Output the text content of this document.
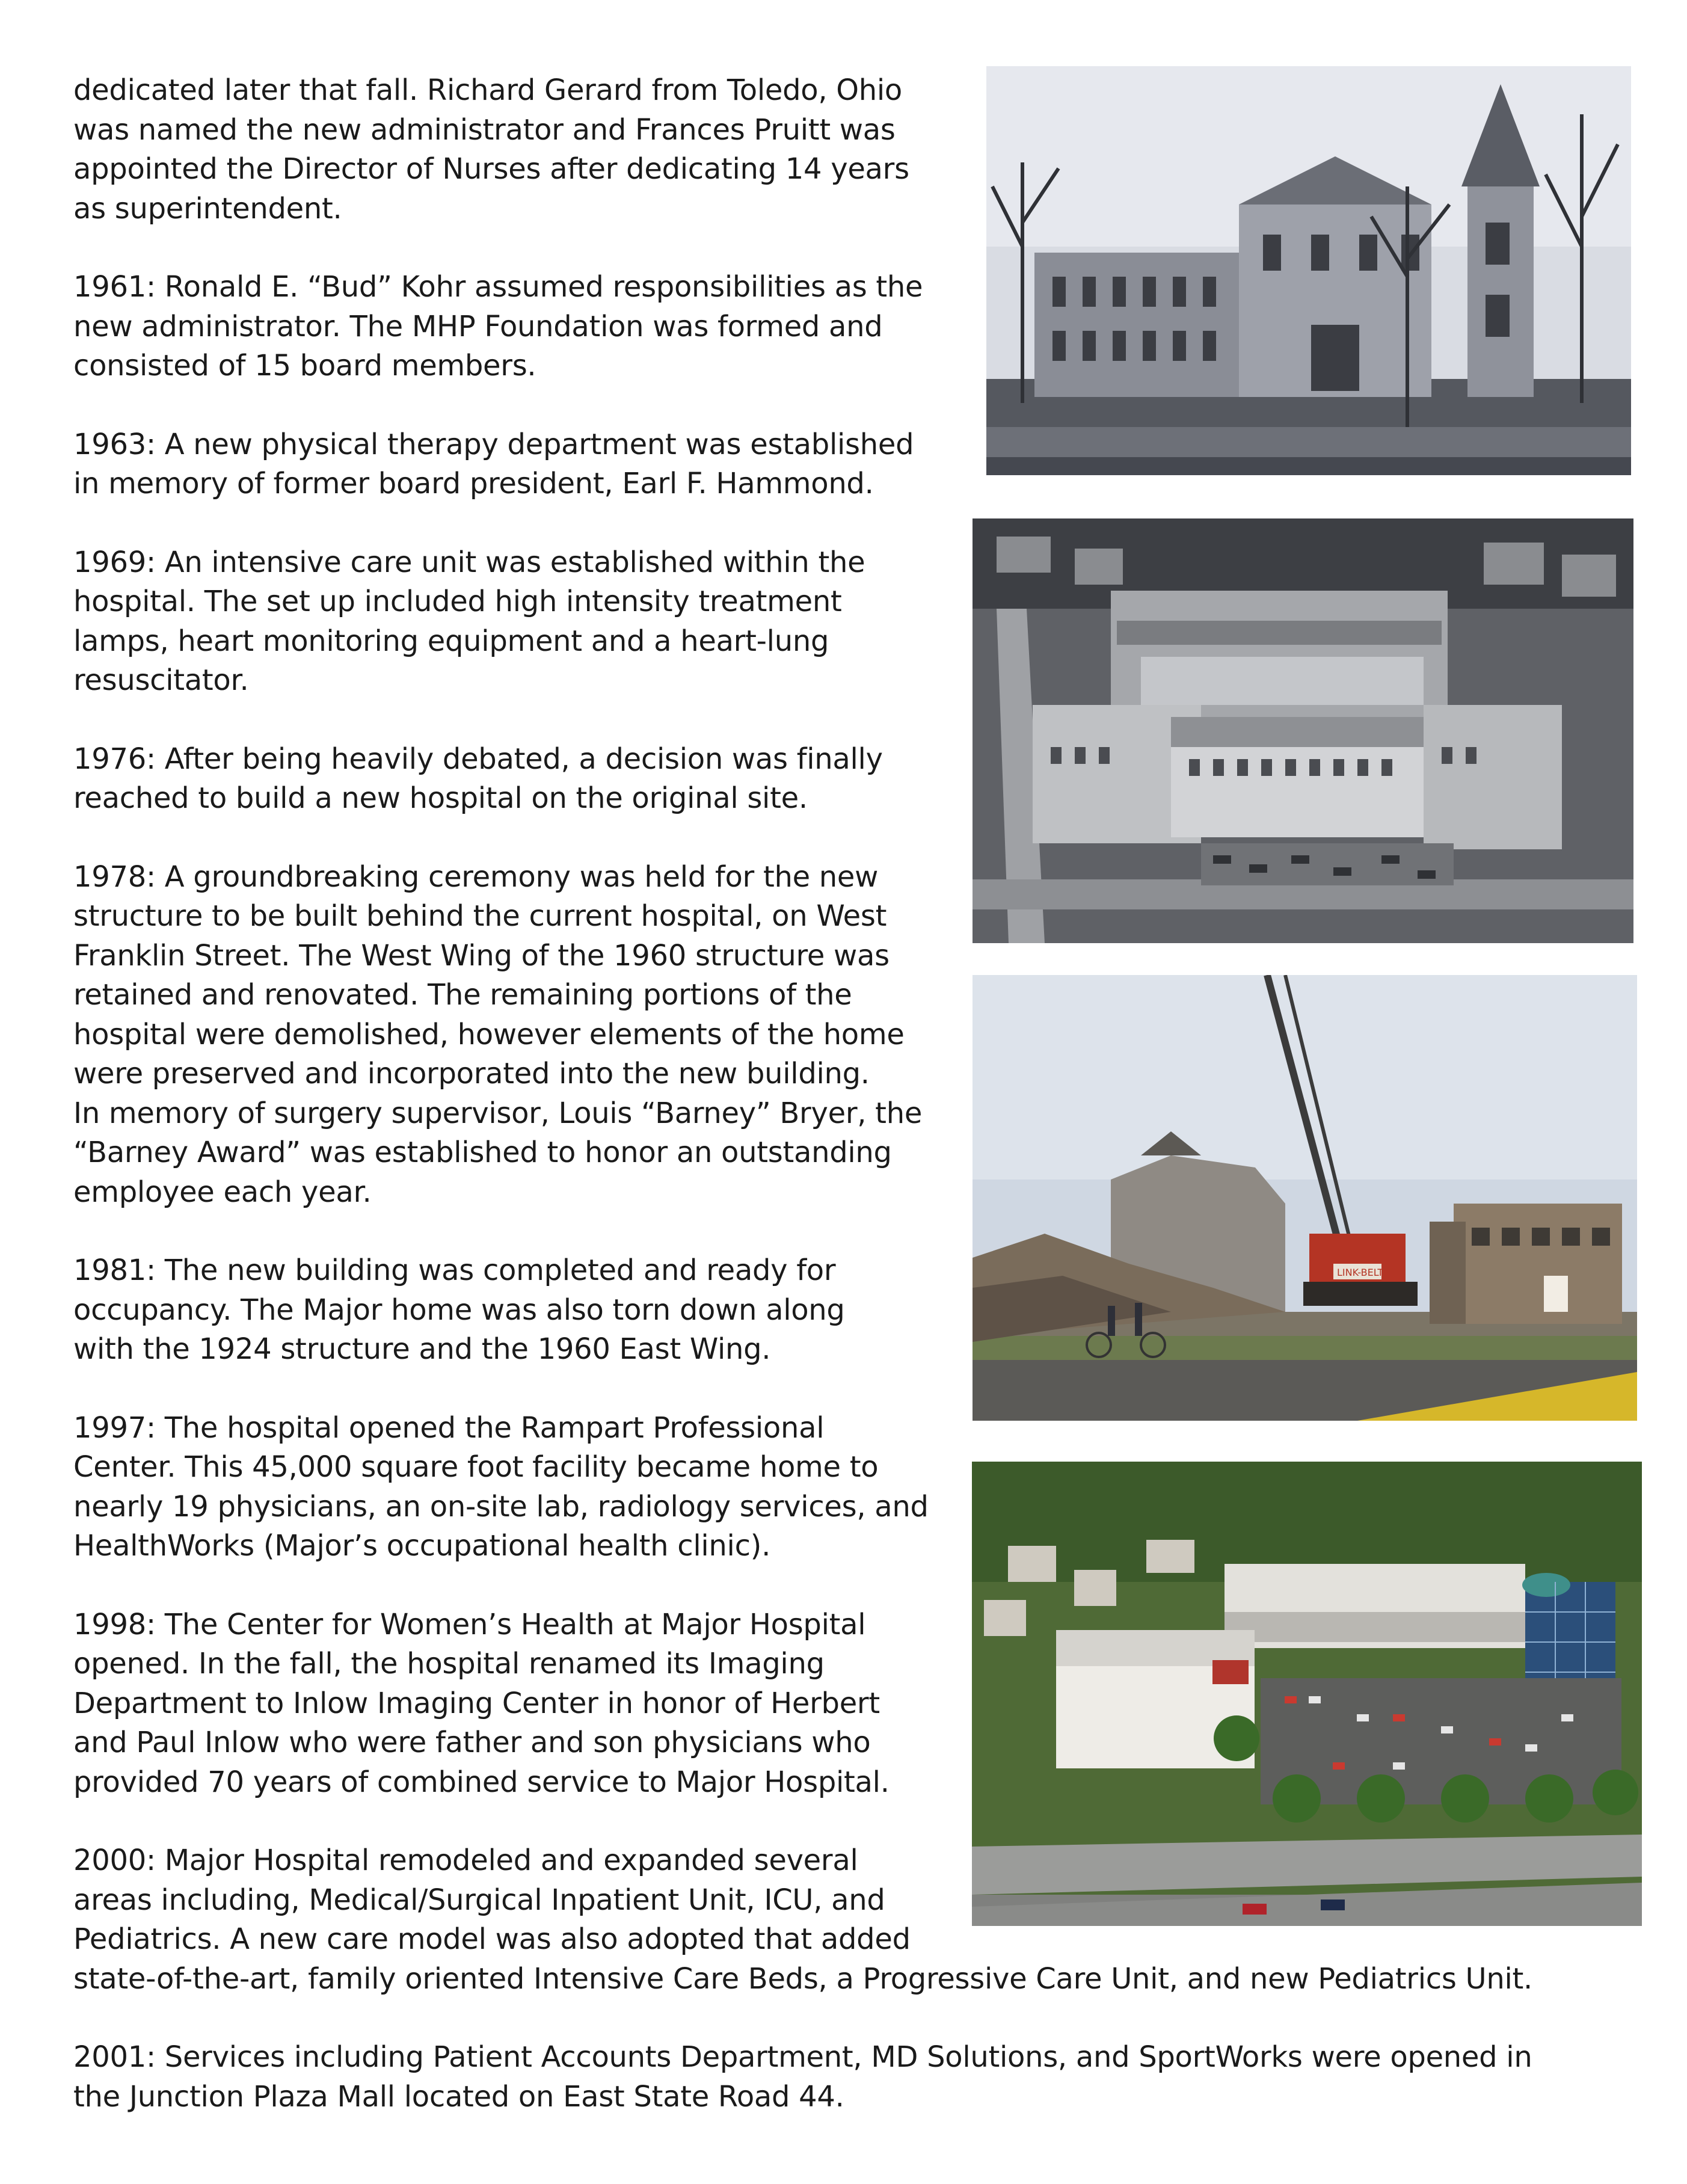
dedicated later that fall. Richard Gerard from Toledo, Ohio
was named the new administrator and Frances Pruitt was
appointed the Director of Nurses after dedicating 14 years
as superintendent.

1961: Ronald E. “Bud” Kohr assumed responsibilities as the
new administrator. The MHP Foundation was formed and
consisted of 15 board members.

1963: A new physical therapy department was established
in memory of former board president, Earl F. Hammond.

1969: An intensive care unit was established within the
hospital. The set up included high intensity treatment
lamps, heart monitoring equipment and a heart-lung
resuscitator.

1976: After being heavily debated, a decision was finally
reached to build a new hospital on the original site.

1978: A groundbreaking ceremony was held for the new
structure to be built behind the current hospital, on West
Franklin Street. The West Wing of the 1960 structure was
retained and renovated. The remaining portions of the
hospital were demolished, however elements of the home
were preserved and incorporated into the new building.
In memory of surgery supervisor, Louis “Barney” Bryer, the
“Barney Award” was established to honor an outstanding
employee each year.

1981: The new building was completed and ready for
occupancy. The Major home was also torn down along
with the 1924 structure and the 1960 East Wing.

1997: The hospital opened the Rampart Professional
Center. This 45,000 square foot facility became home to
nearly 19 physicians, an on-site lab, radiology services, and
HealthWorks (Major’s occupational health clinic).

1998: The Center for Women’s Health at Major Hospital
opened. In the fall, the hospital renamed its Imaging
Department to Inlow Imaging Center in honor of Herbert
and Paul Inlow who were father and son physicians who
provided 70 years of combined service to Major Hospital.

2000: Major Hospital remodeled and expanded several
areas including, Medical/Surgical Inpatient Unit, ICU, and
Pediatrics. A new care model was also adopted that added
state-of-the-art, family oriented Intensive Care Beds, a Progressive Care Unit, and new Pediatrics Unit.

2001: Services including Patient Accounts Department, MD Solutions, and SportWorks were opened in
the Junction Plaza Mall located on East State Road 44.

LINK-BELT
